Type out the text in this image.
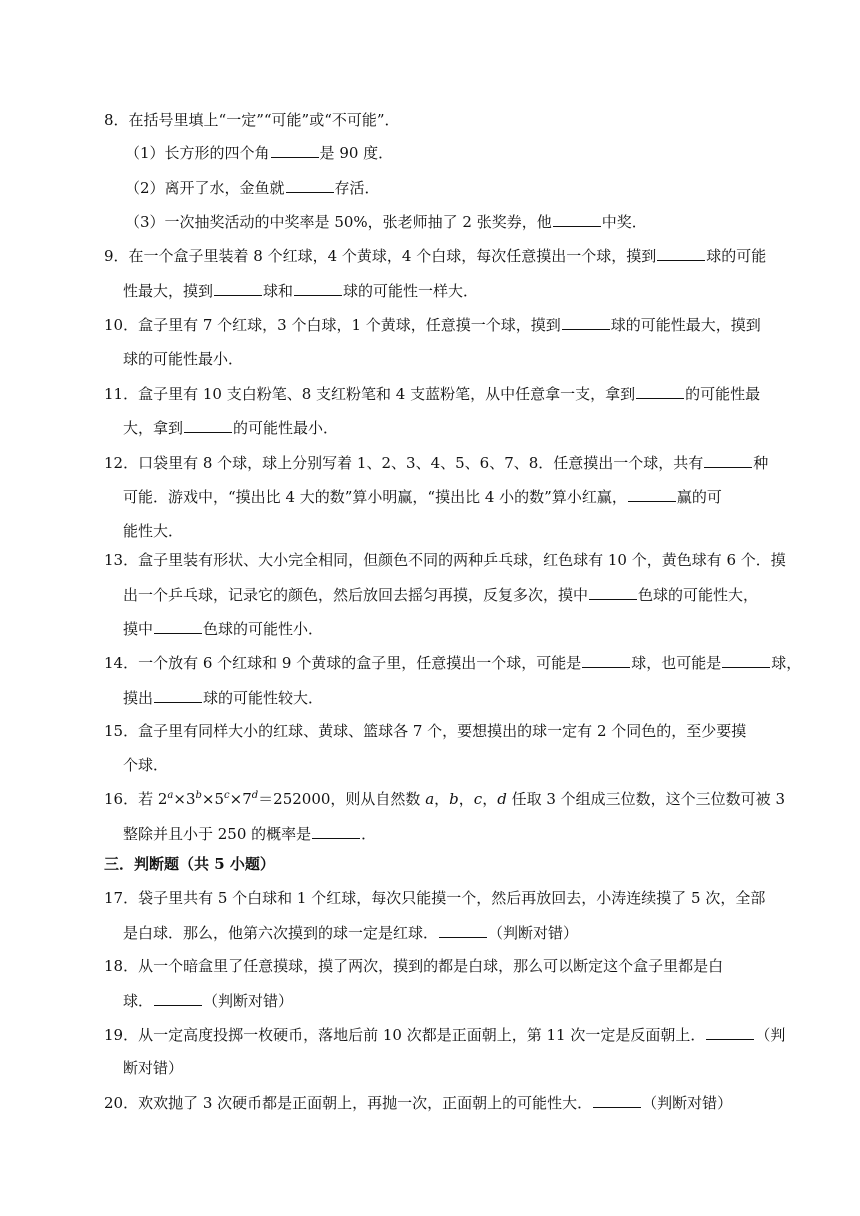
8．在括号里填上“一定”“可能”或“不可能”．
（1）长方形的四个角	是 90 度．
（2）离开了水，金鱼就	存活．
（3）一次抽奖活动的中奖率是 50%，张老师抽了 2 张奖券，他	中奖．
9．在一个盒子里装着 8 个红球，4 个黄球，4 个白球，每次任意摸出一个球，摸到	球的可能
性最大，摸到	球和	球的可能性一样大．
10．盒子里有 7 个红球，3 个白球，1 个黄球，任意摸一个球，摸到	球的可能性最大，摸到
球的可能性最小．
11．盒子里有 10 支白粉笔、8 支红粉笔和 4 支蓝粉笔，从中任意拿一支，拿到	的可能性最
大，拿到	的可能性最小．
12．口袋里有 8 个球，球上分别写着 1、2、3、4、5、6、7、8．任意摸出一个球，共有	种
可能．游戏中，“摸出比 4 大的数”算小明赢，“摸出比 4 小的数”算小红赢，	赢的可
能性大．
13．盒子里装有形状、大小完全相同，但颜色不同的两种乒乓球，红色球有 10 个，黄色球有 6 个．摸
出一个乒乓球，记录它的颜色，然后放回去摇匀再摸，反复多次，摸中	色球的可能性大，
摸中	色球的可能性小．
14．一个放有 6 个红球和 9 个黄球的盒子里，任意摸出一个球，可能是	球，也可能是	球，
摸出	球的可能性较大．
15．盒子里有同样大小的红球、黄球、篮球各 7 个，要想摸出的球一定有 2 个同色的，至少要摸
个球．
16．若 $2^a\times 3^b\times 5^c\times 7^d=252000$，则从自然数 a，b，c，d 任取 3 个组成三位数，这个三位数可被 3
整除并且小于 250 的概率是	．
三．判断题（共 5 小题）
17．袋子里共有 5 个白球和 1 个红球，每次只能摸一个，然后再放回去，小涛连续摸了 5 次，全部
是白球．那么，他第六次摸到的球一定是红球．	（判断对错）
18．从一个暗盒里了任意摸球，摸了两次，摸到的都是白球，那么可以断定这个盒子里都是白
球．	（判断对错）
19．从一定高度投掷一枚硬币，落地后前 10 次都是正面朝上，第 11 次一定是反面朝上．	（判
断对错）
20．欢欢抛了 3 次硬币都是正面朝上，再抛一次，正面朝上的可能性大．	（判断对错）
